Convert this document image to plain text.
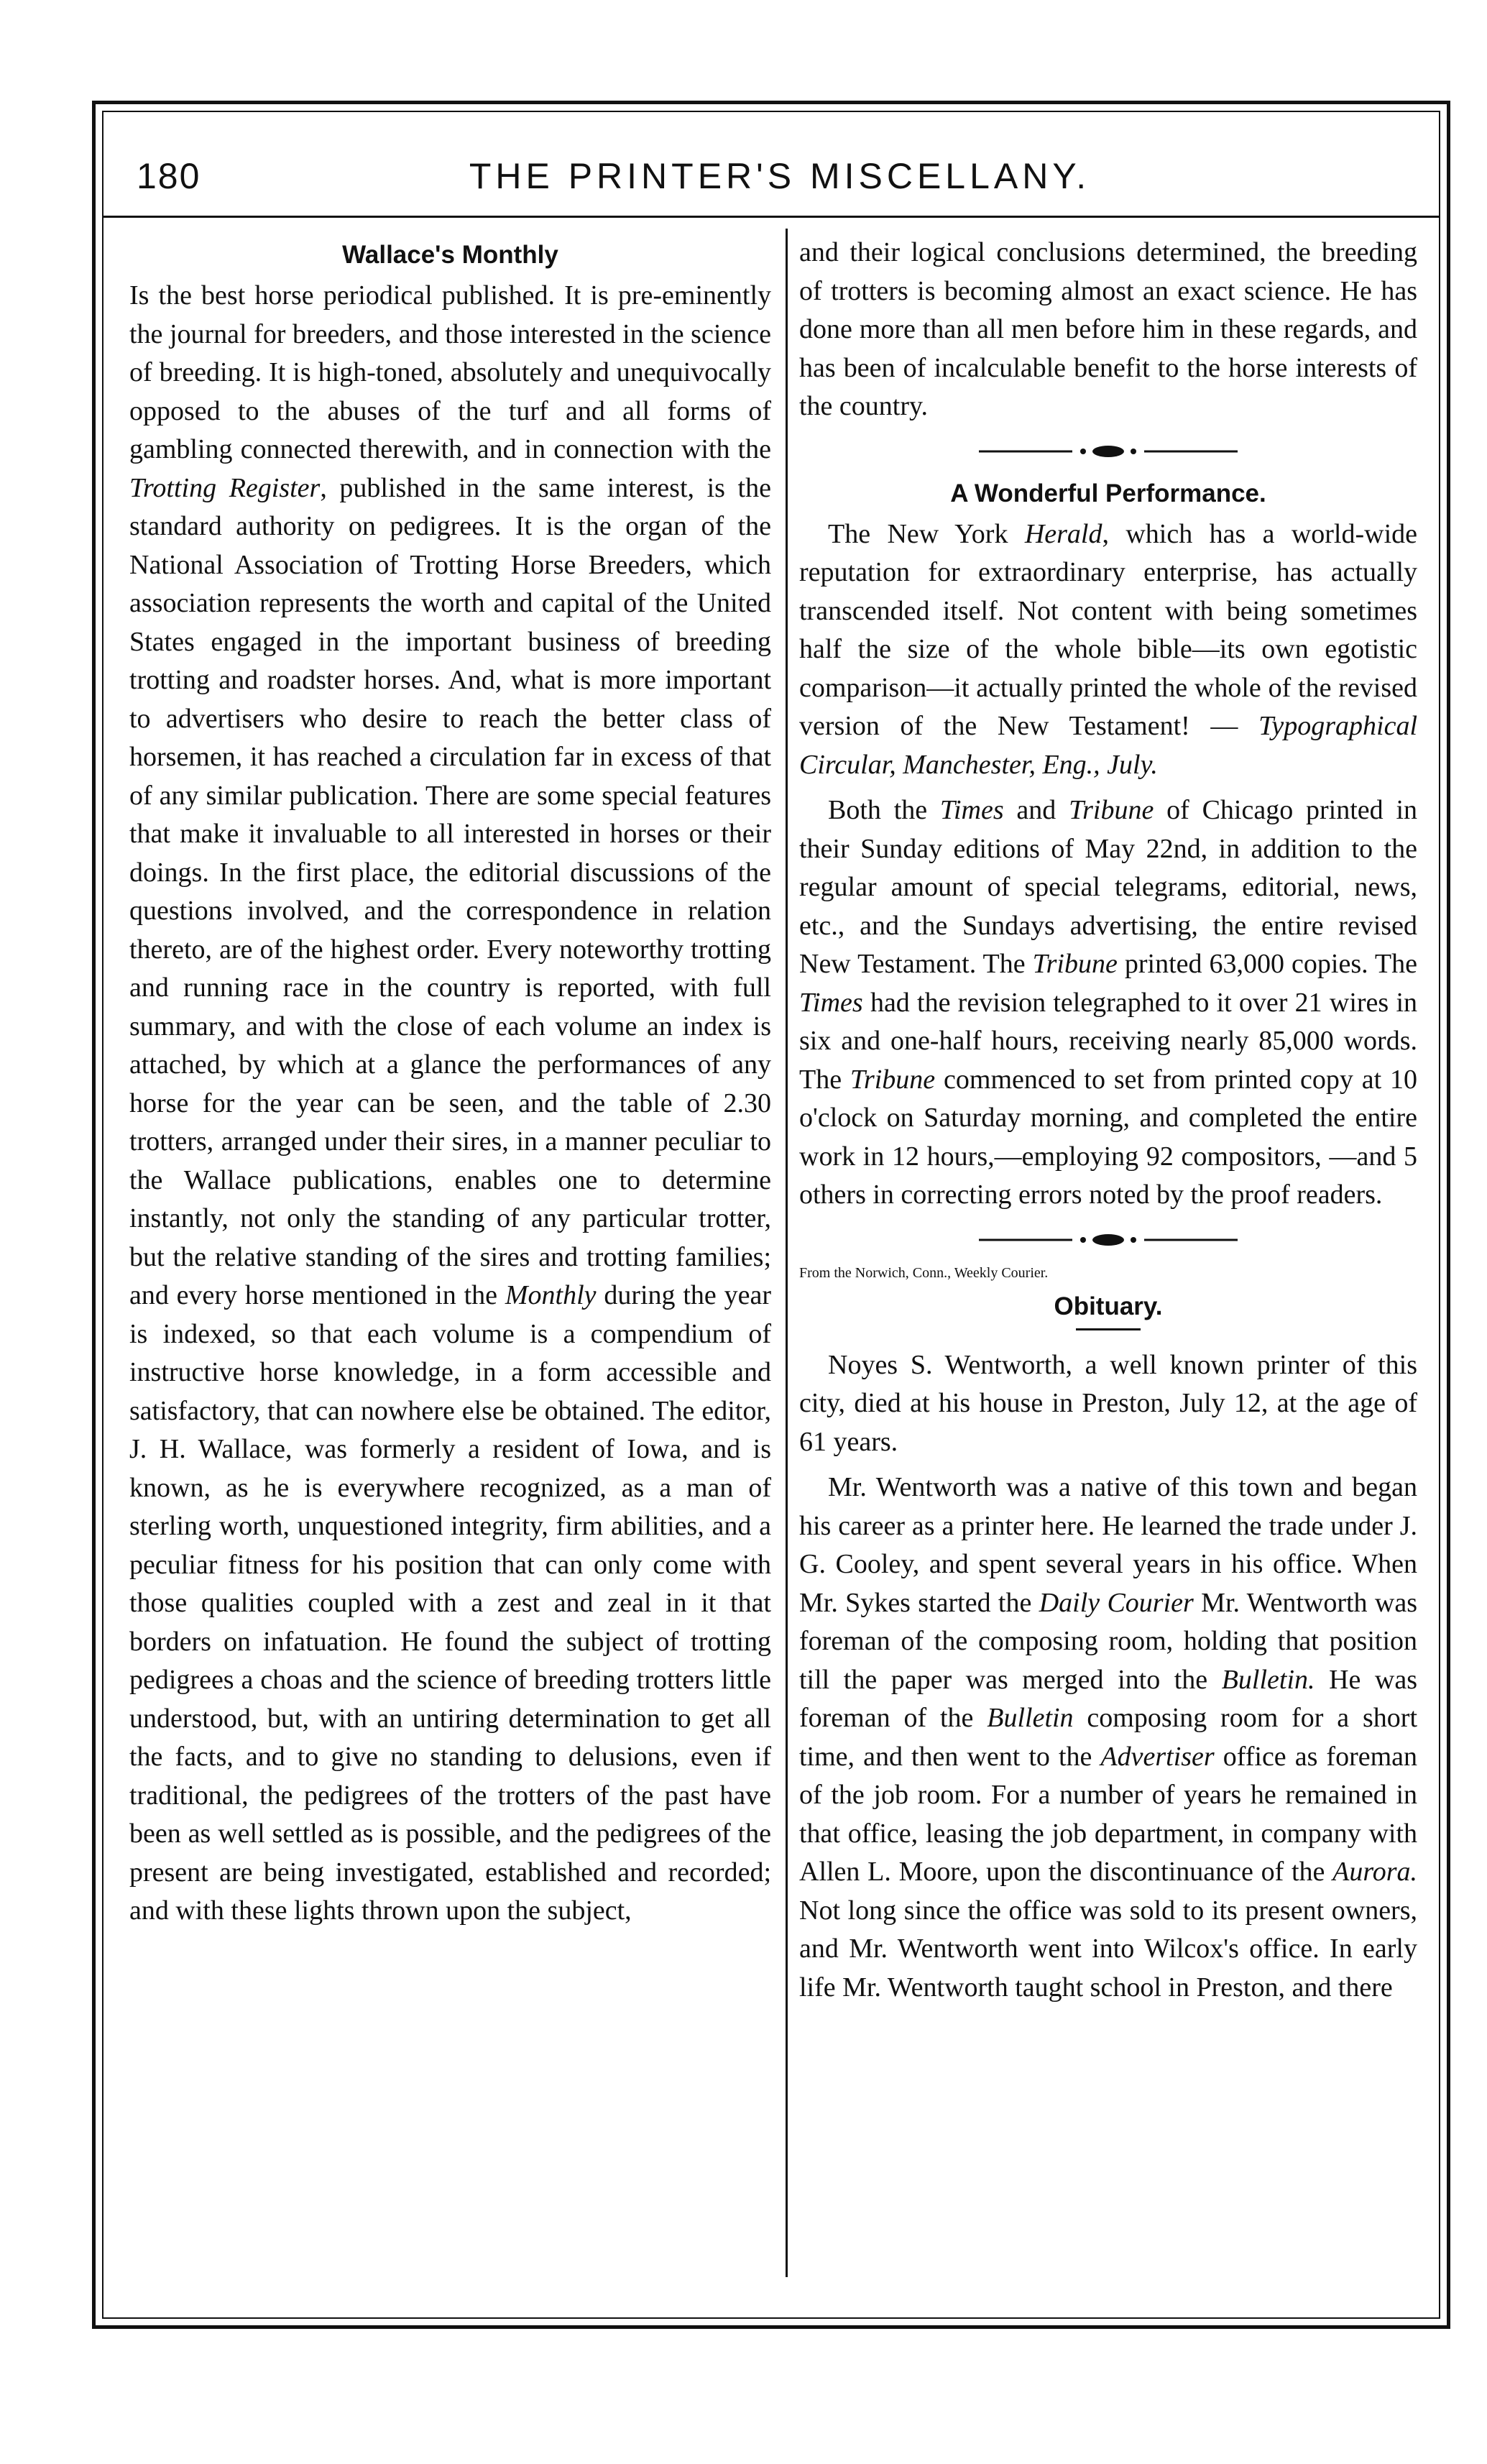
180	THE PRINTER'S MISCELLANY.
Wallace's Monthly

Is the best horse periodical published. It is pre-eminently the journal for breeders, and those interested in the science of breeding. It is high-toned, absolutely and unequivocally opposed to the abuses of the turf and all forms of gambling connected therewith, and in connection with the Trotting Register, published in the same interest, is the standard authority on pedigrees. It is the organ of the National Association of Trotting Horse Breeders, which association represents the worth and capital of the United States engaged in the important business of breeding trotting and roadster horses. And, what is more important to advertisers who desire to reach the better class of horsemen, it has reached a circulation far in excess of that of any similar publication. There are some special features that make it invaluable to all interested in horses or their doings. In the first place, the editorial discussions of the questions involved, and the correspondence in relation thereto, are of the highest order. Every noteworthy trotting and running race in the country is reported, with full summary, and with the close of each volume an index is attached, by which at a glance the performances of any horse for the year can be seen, and the table of 2.30 trotters, arranged under their sires, in a manner peculiar to the Wallace publications, enables one to determine instantly, not only the standing of any particular trotter, but the relative standing of the sires and trotting families; and every horse mentioned in the Monthly during the year is indexed, so that each volume is a compendium of instructive horse knowledge, in a form accessible and satisfactory, that can nowhere else be obtained. The editor, J. H. Wallace, was formerly a resident of Iowa, and is known, as he is everywhere recognized, as a man of sterling worth, unquestioned integrity, firm abilities, and a peculiar fitness for his position that can only come with those qualities coupled with a zest and zeal in it that borders on infatuation. He found the subject of trotting pedigrees a choas and the science of breeding trotters little understood, but, with an untiring determination to get all the facts, and to give no standing to delusions, even if traditional, the pedigrees of the trotters of the past have been as well settled as is possible, and the pedigrees of the present are being investigated, established and recorded; and with these lights thrown upon the subject,

and their logical conclusions determined, the breeding of trotters is becoming almost an exact science. He has done more than all men before him in these regards, and has been of incalculable benefit to the horse interests of the country.

A Wonderful Performance.

The New York Herald, which has a world-wide reputation for extraordinary enterprise, has actually transcended itself. Not content with being sometimes half the size of the whole bible—its own egotistic comparison—it actually printed the whole of the revised version of the New Testament! — Typographical Circular, Manchester, Eng., July.

Both the Times and Tribune of Chicago printed in their Sunday editions of May 22nd, in addition to the regular amount of special telegrams, editorial, news, etc., and the Sundays advertising, the entire revised New Testament. The Tribune printed 63,000 copies. The Times had the revision telegraphed to it over 21 wires in six and one-half hours, receiving nearly 85,000 words. The Tribune commenced to set from printed copy at 10 o'clock on Saturday morning, and completed the entire work in 12 hours,—employing 92 compositors, —and 5 others in correcting errors noted by the proof readers.

From the Norwich, Conn., Weekly Courier.

Obituary.

Noyes S. Wentworth, a well known printer of this city, died at his house in Preston, July 12, at the age of 61 years.

Mr. Wentworth was a native of this town and began his career as a printer here. He learned the trade under J. G. Cooley, and spent several years in his office. When Mr. Sykes started the Daily Courier Mr. Wentworth was foreman of the composing room, holding that position till the paper was merged into the Bulletin. He was foreman of the Bulletin composing room for a short time, and then went to the Advertiser office as foreman of the job room. For a number of years he remained in that office, leasing the job department, in company with Allen L. Moore, upon the discontinuance of the Aurora. Not long since the office was sold to its present owners, and Mr. Wentworth went into Wilcox's office. In early life Mr. Wentworth taught school in Preston, and there
